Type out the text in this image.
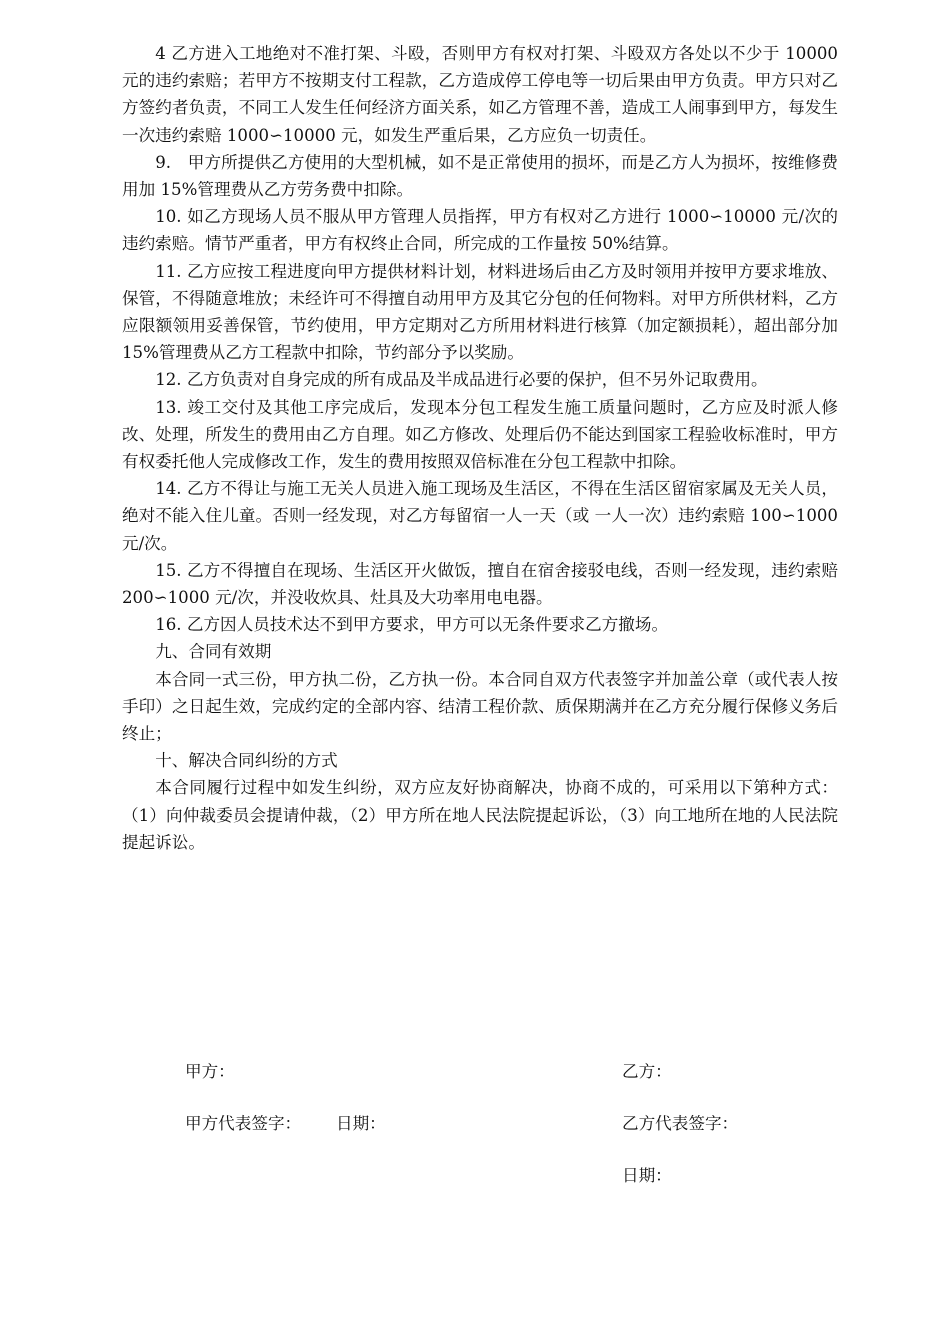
4 乙方进入工地绝对不准打架、斗殴，否则甲方有权对打架、斗殴双方各处以不少于 10000 元的违约索赔；若甲方不按期支付工程款，乙方造成停工停电等一切后果由甲方负责。甲方只对乙方签约者负责，不同工人发生任何经济方面关系，如乙方管理不善，造成工人闹事到甲方，每发生一次违约索赔 1000∽10000 元，如发生严重后果，乙方应负一切责任。

9.　甲方所提供乙方使用的大型机械，如不是正常使用的损坏，而是乙方人为损坏，按维修费用加 15%管理费从乙方劳务费中扣除。

10. 如乙方现场人员不服从甲方管理人员指挥，甲方有权对乙方进行 1000∽10000 元/次的违约索赔。情节严重者，甲方有权终止合同，所完成的工作量按 50%结算。

11. 乙方应按工程进度向甲方提供材料计划，材料进场后由乙方及时领用并按甲方要求堆放、保管，不得随意堆放；未经许可不得擅自动用甲方及其它分包的任何物料。对甲方所供材料，乙方应限额领用妥善保管，节约使用，甲方定期对乙方所用材料进行核算（加定额损耗），超出部分加 15%管理费从乙方工程款中扣除，节约部分予以奖励。

12. 乙方负责对自身完成的所有成品及半成品进行必要的保护，但不另外记取费用。

13. 竣工交付及其他工序完成后，发现本分包工程发生施工质量问题时，乙方应及时派人修改、处理，所发生的费用由乙方自理。如乙方修改、处理后仍不能达到国家工程验收标准时，甲方有权委托他人完成修改工作，发生的费用按照双倍标准在分包工程款中扣除。

14. 乙方不得让与施工无关人员进入施工现场及生活区，不得在生活区留宿家属及无关人员，绝对不能入住儿童。否则一经发现，对乙方每留宿一人一天（或 一人一次）违约索赔 100∽1000 元/次。

15. 乙方不得擅自在现场、生活区开火做饭，擅自在宿舍接驳电线，否则一经发现，违约索赔 200∽1000 元/次，并没收炊具、灶具及大功率用电电器。

16. 乙方因人员技术达不到甲方要求，甲方可以无条件要求乙方撤场。

九、合同有效期

本合同一式三份，甲方执二份，乙方执一份。本合同自双方代表签字并加盖公章（或代表人按手印）之日起生效，完成约定的全部内容、结清工程价款、质保期满并在乙方充分履行保修义务后终止；

十、解决合同纠纷的方式

本合同履行过程中如发生纠纷，双方应友好协商解决，协商不成的，可采用以下第种方式：（1）向仲裁委员会提请仲裁，（2）甲方所在地人民法院提起诉讼，（3）向工地所在地的人民法院提起诉讼。

甲方：
甲方代表签字： 日期：
乙方：
乙方代表签字：
日期：
